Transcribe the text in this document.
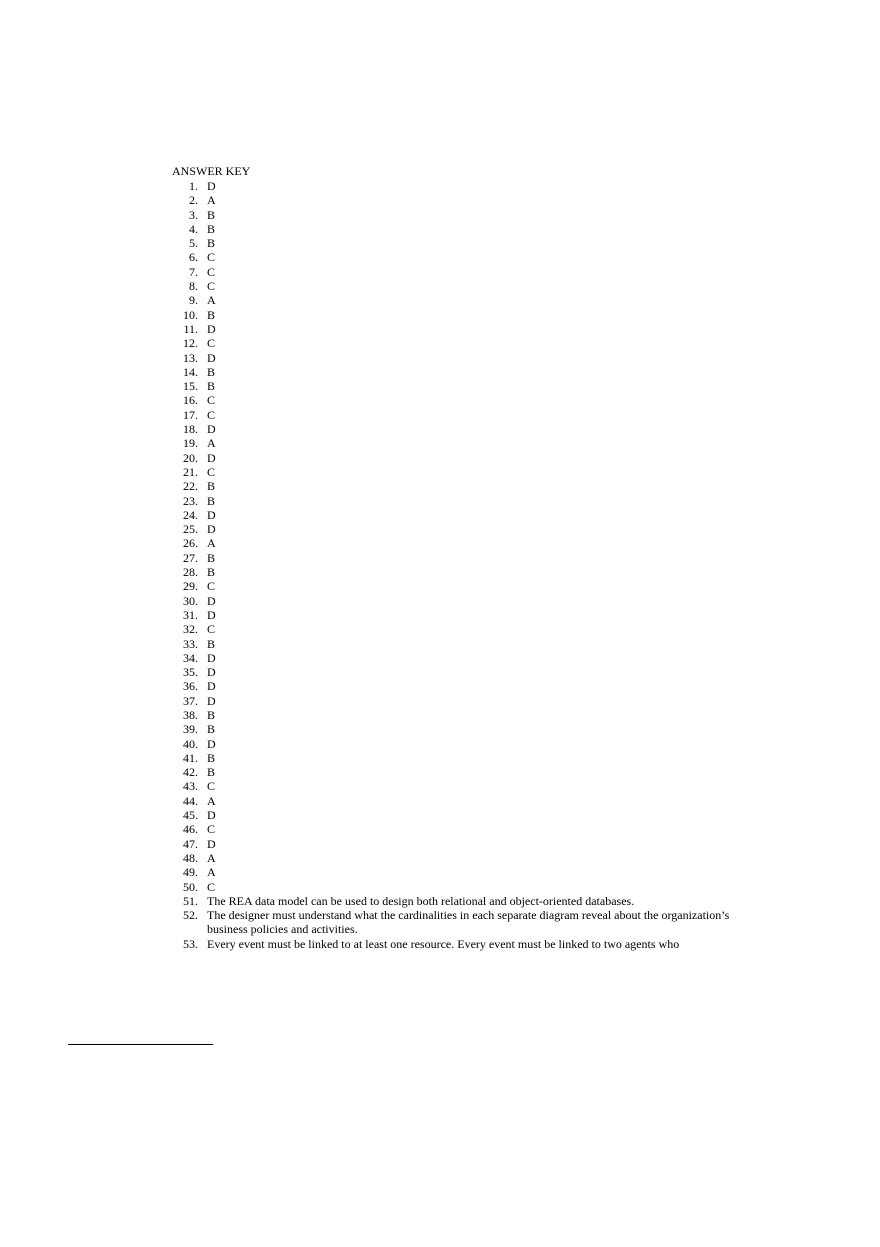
ANSWER KEY
1. D
2. A
3. B
4. B
5. B
6. C
7. C
8. C
9. A
10. B
11. D
12. C
13. D
14. B
15. B
16. C
17. C
18. D
19. A
20. D
21. C
22. B
23. B
24. D
25. D
26. A
27. B
28. B
29. C
30. D
31. D
32. C
33. B
34. D
35. D
36. D
37. D
38. B
39. B
40. D
41. B
42. B
43. C
44. A
45. D
46. C
47. D
48. A
49. A
50. C
51. The REA data model can be used to design both relational and object-oriented databases.
52. The designer must understand what the cardinalities in each separate diagram reveal about the organization’s business policies and activities.
53. Every event must be linked to at least one resource. Every event must be linked to two agents who
